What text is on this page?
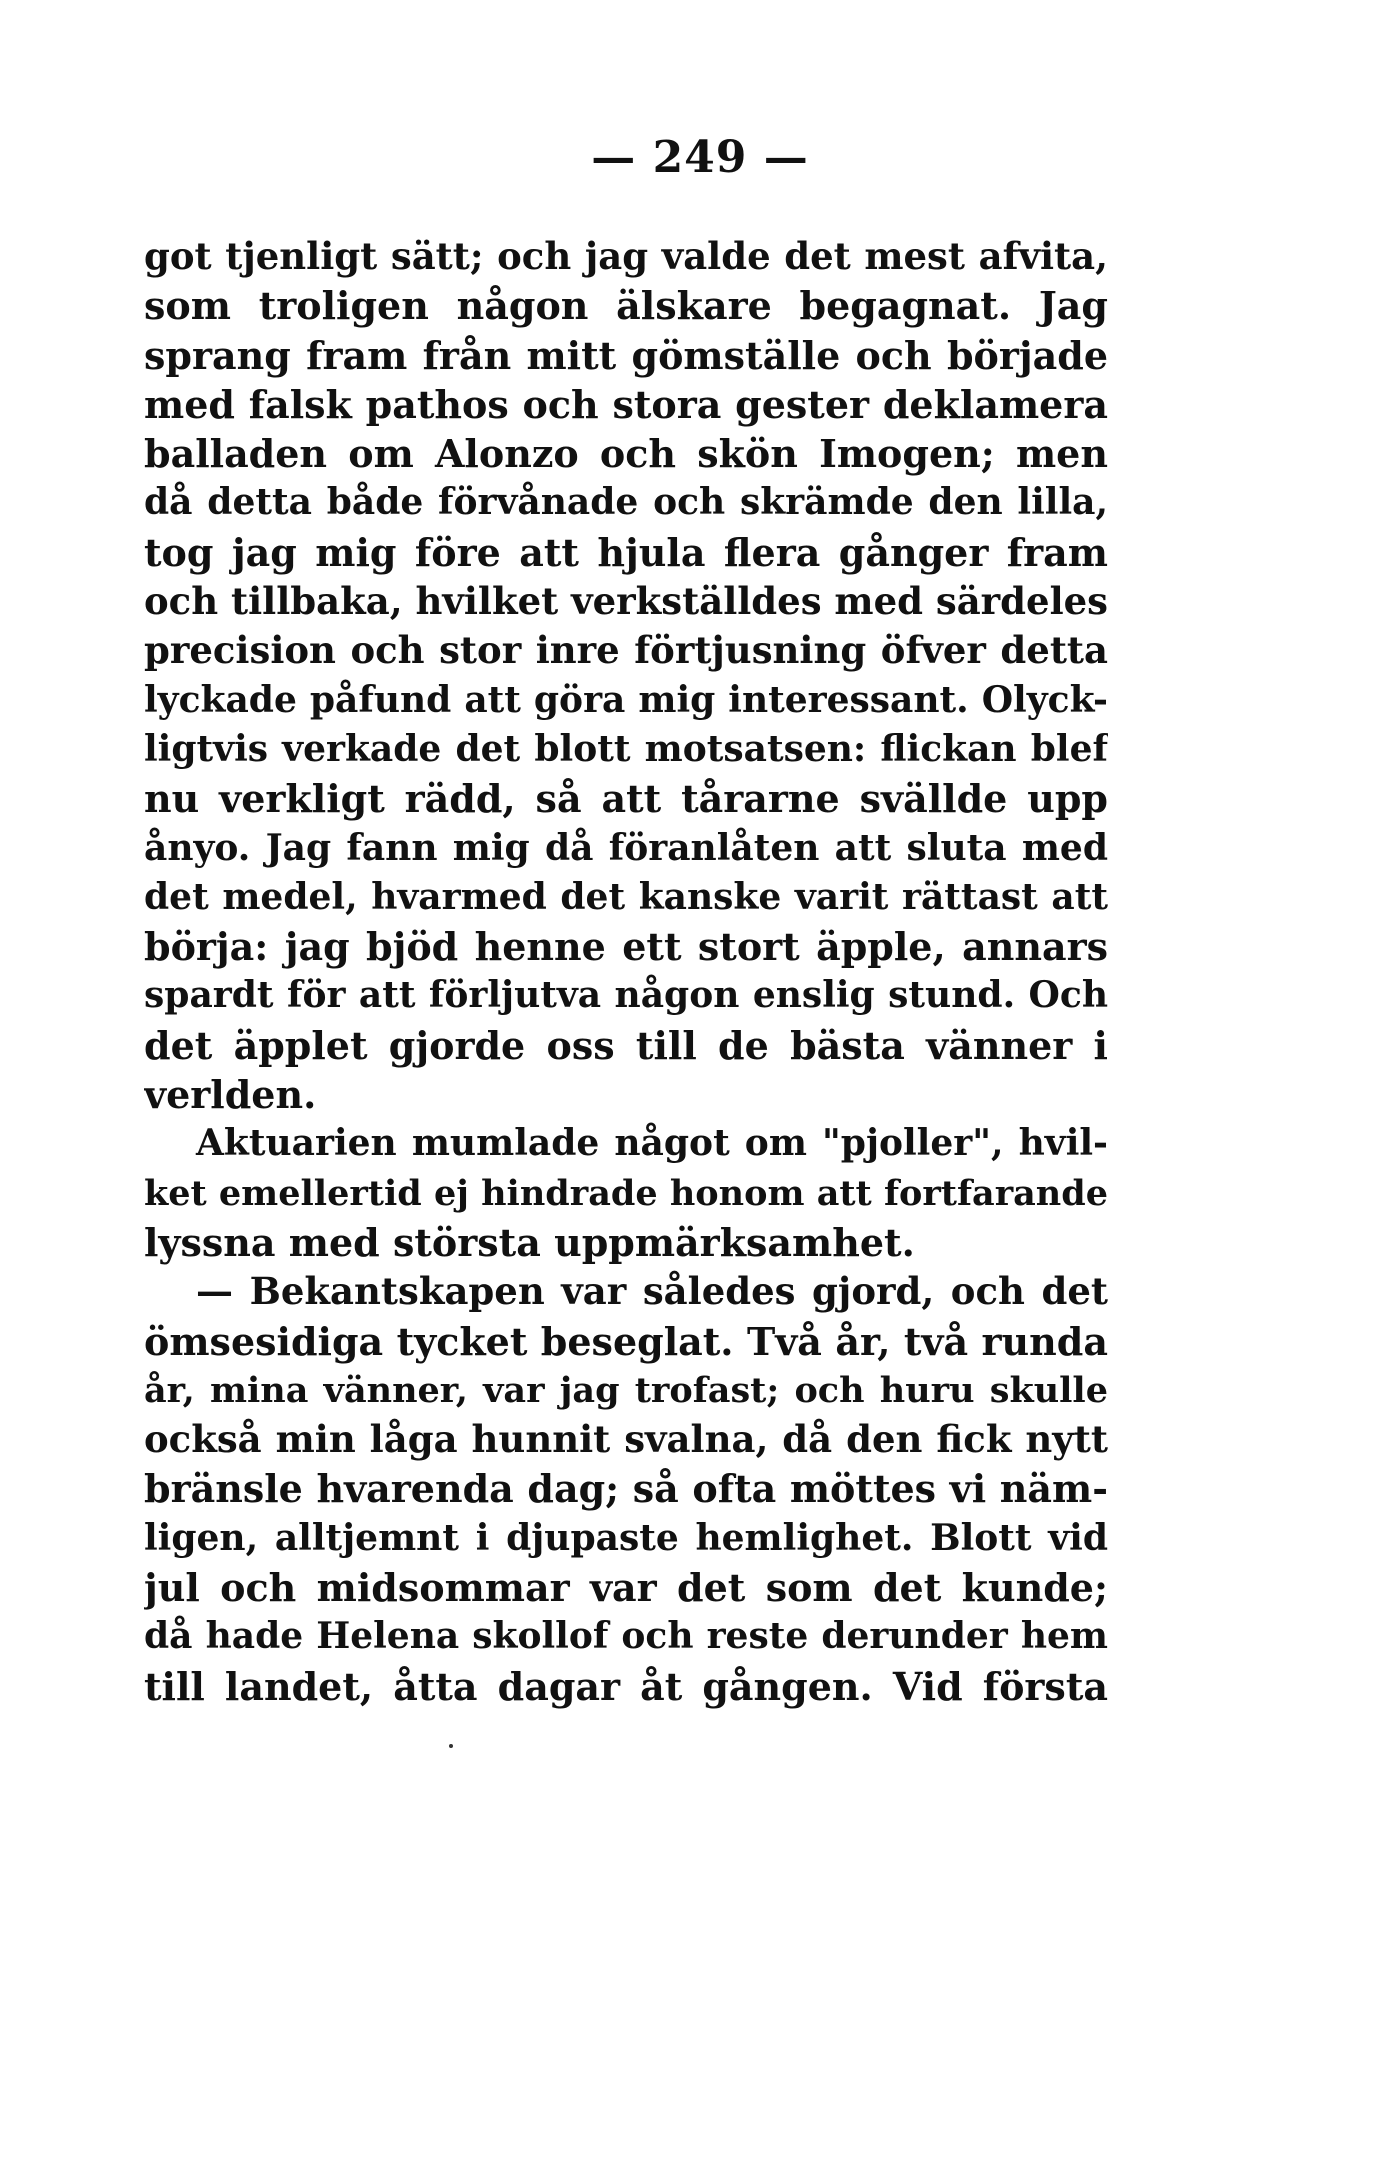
— 249 —
got tjenligt sätt; och jag valde det mest afvita,
som troligen någon älskare begagnat. Jag
sprang fram från mitt gömställe och började
med falsk pathos och stora gester deklamera
balladen om Alonzo och skön Imogen; men
då detta både förvånade och skrämde den lilla,
tog jag mig före att hjula flera gånger fram
och tillbaka, hvilket verkställdes med särdeles
precision och stor inre förtjusning öfver detta
lyckade påfund att göra mig interessant. Olyck-
ligtvis verkade det blott motsatsen: flickan blef
nu verkligt rädd, så att tårarne svällde upp
ånyo. Jag fann mig då föranlåten att sluta med
det medel, hvarmed det kanske varit rättast att
börja: jag bjöd henne ett stort äpple, annars
spardt för att förljutva någon enslig stund. Och
det äpplet gjorde oss till de bästa vänner i
verlden.
Aktuarien mumlade något om "pjoller", hvil-
ket emellertid ej hindrade honom att fortfarande
lyssna med största uppmärksamhet.
— Bekantskapen var således gjord, och det
ömsesidiga tycket beseglat. Två år, två runda
år, mina vänner, var jag trofast; och huru skulle
också min låga hunnit svalna, då den fick nytt
bränsle hvarenda dag; så ofta möttes vi näm-
ligen, alltjemnt i djupaste hemlighet. Blott vid
jul och midsommar var det som det kunde;
då hade Helena skollof och reste derunder hem
till landet, åtta dagar åt gången. Vid första
